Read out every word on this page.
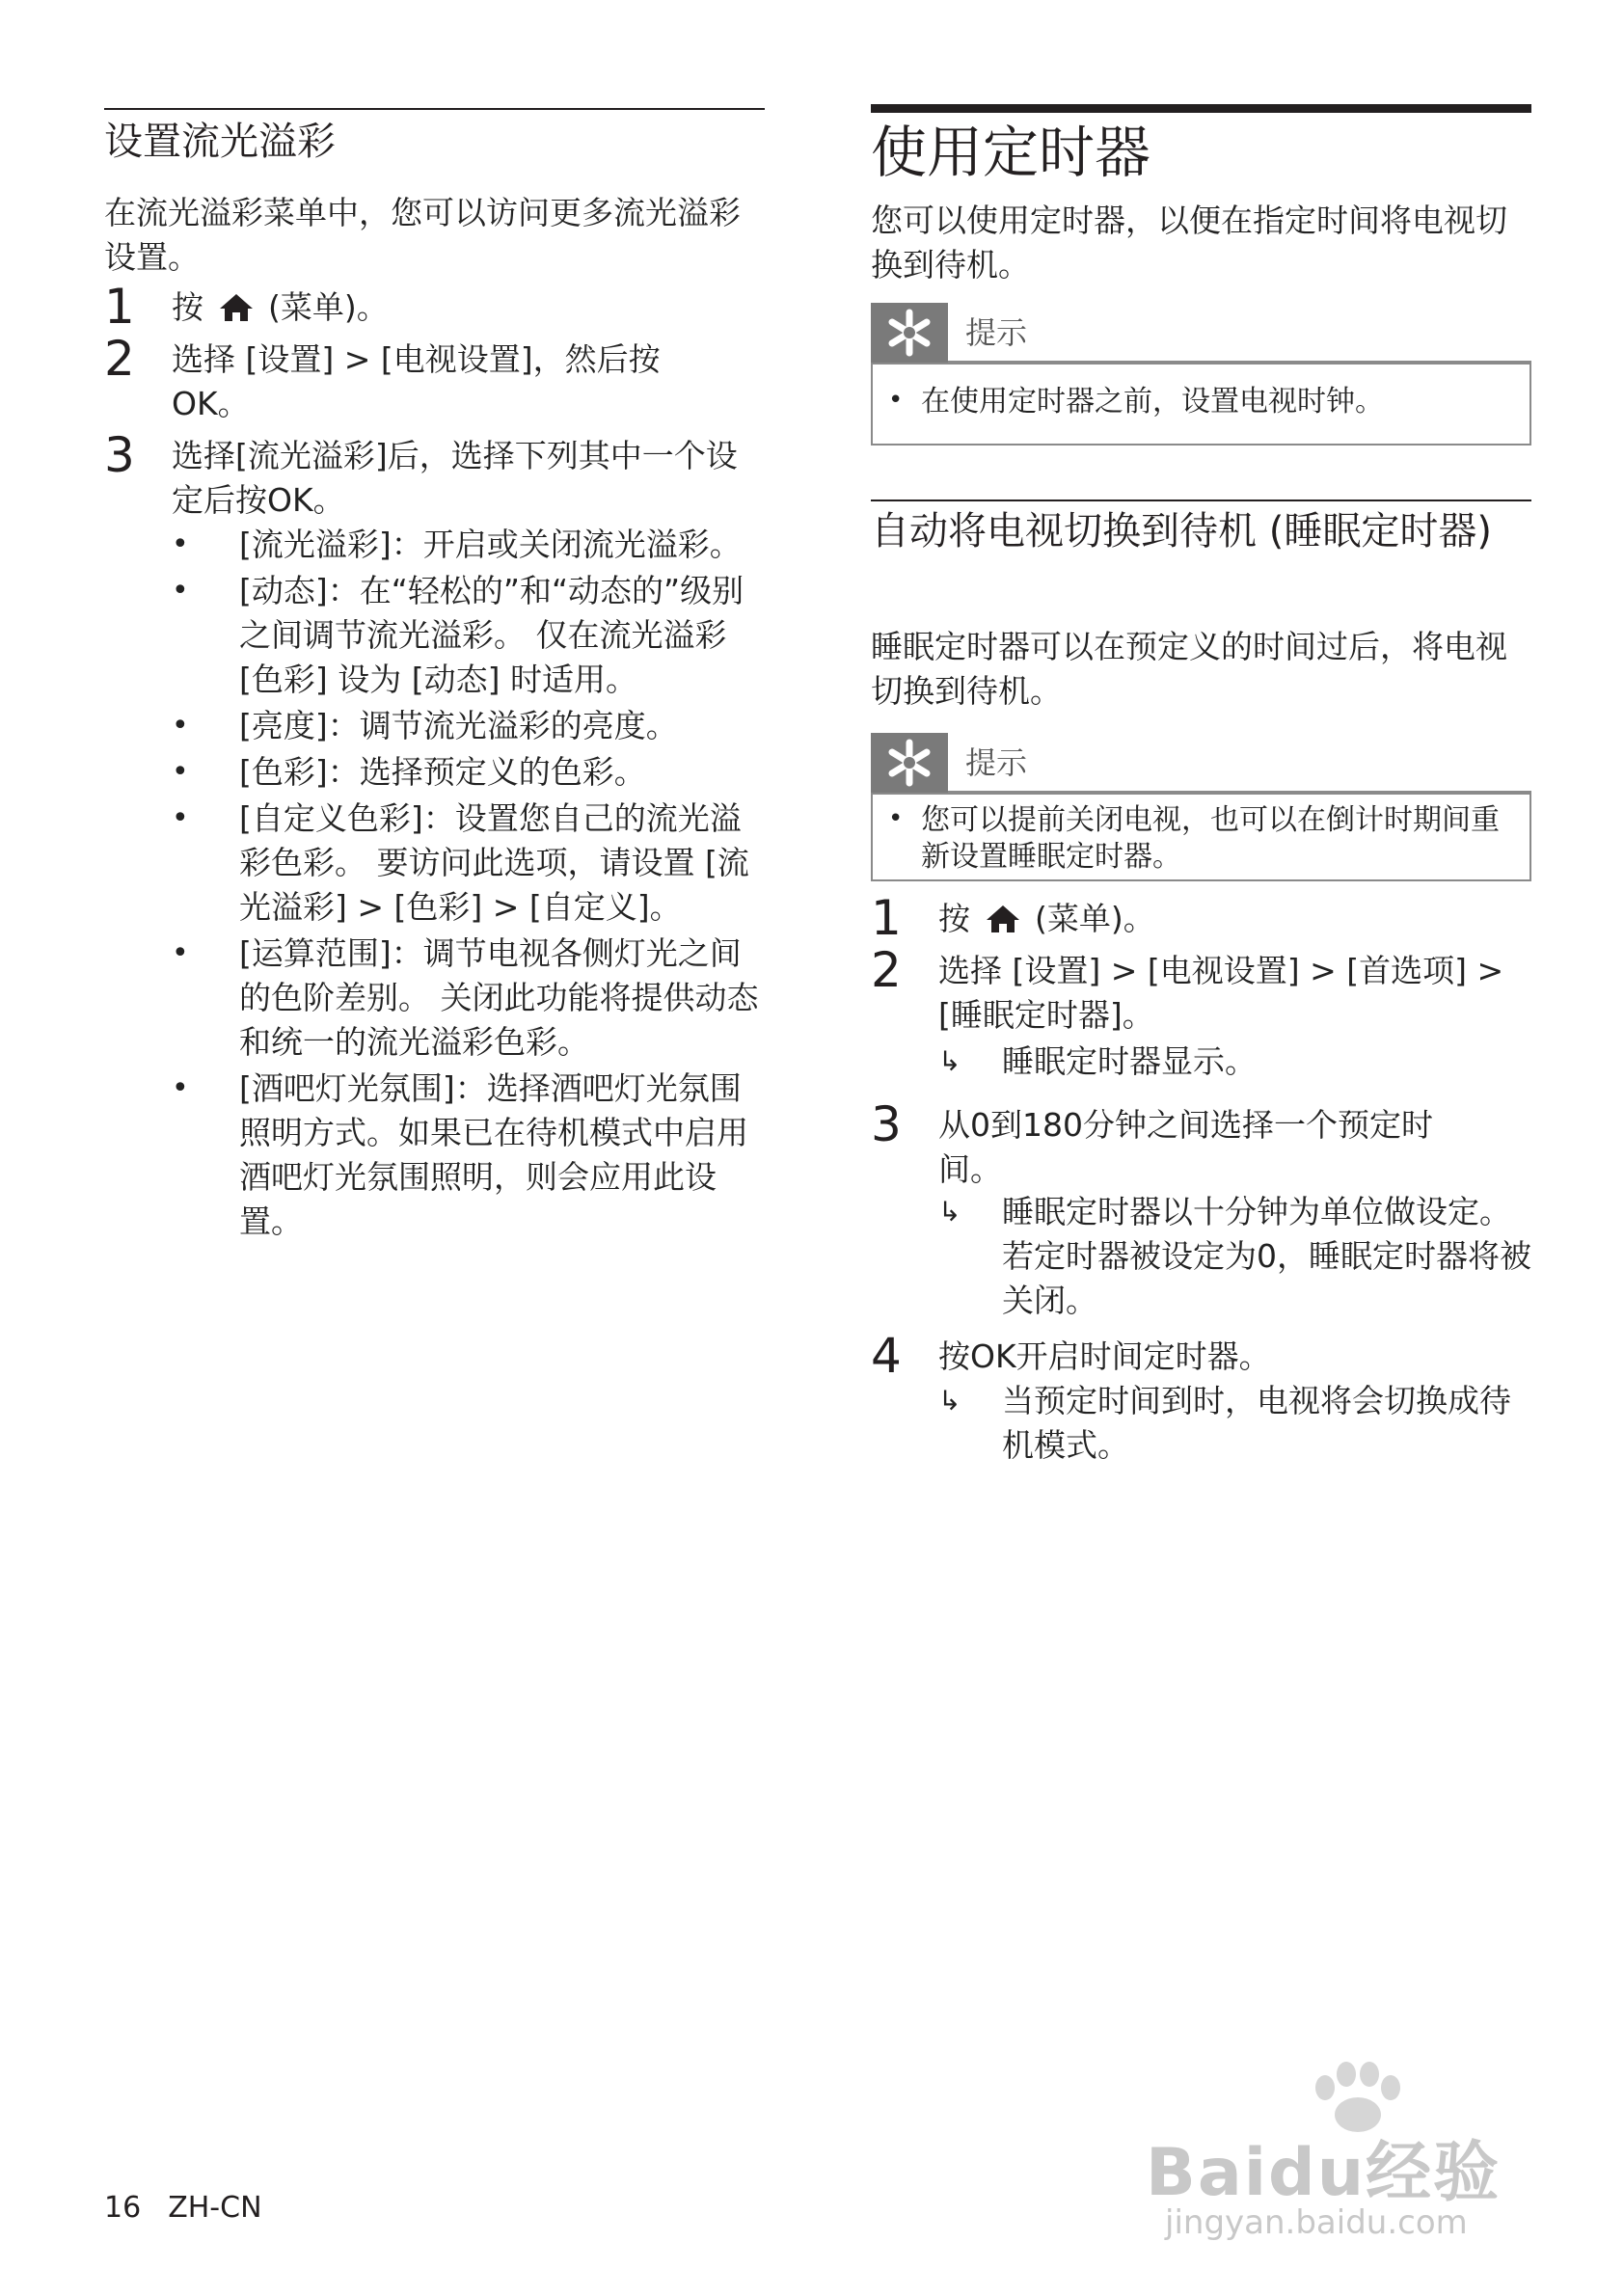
设置流光溢彩

在流光溢彩菜单中，您可以访问更多流光溢彩设置。

1 按 (菜单)。
2 选择 [设置] > [电视设置]，然后按 OK。
3 选择[流光溢彩]后，选择下列其中一个设定后按OK。
• [流光溢彩]：开启或关闭流光溢彩。
• [动态]：在“轻松的”和“动态的”级别之间调节流光溢彩。 仅在流光溢彩 [色彩] 设为 [动态] 时适用。
• [亮度]：调节流光溢彩的亮度。
• [色彩]：选择预定义的色彩。
• [自定义色彩]：设置您自己的流光溢彩色彩。 要访问此选项，请设置 [流光溢彩] > [色彩] > [自定义]。
• [运算范围]：调节电视各侧灯光之间的色阶差别。 关闭此功能将提供动态和统一的流光溢彩色彩。
• [酒吧灯光氛围]：选择酒吧灯光氛围照明方式。如果已在待机模式中启用酒吧灯光氛围照明，则会应用此设置。
使用定时器

您可以使用定时器，以便在指定时间将电视切换到待机。

提示
• 在使用定时器之前，设置电视时钟。
自动将电视切换到待机 (睡眠定时器)

睡眠定时器可以在预定义的时间过后，将电视切换到待机。

提示
• 您可以提前关闭电视，也可以在倒计时期间重新设置睡眠定时器。
1 按 (菜单)。
2 选择 [设置] > [电视设置] > [首选项] > [睡眠定时器]。
↳ 睡眠定时器显示。
3 从0到180分钟之间选择一个预定时间。
↳ 睡眠定时器以十分钟为单位做设定。若定时器被设定为0，睡眠定时器将被关闭。
4 按OK开启时间定时器。
↳ 当预定时间到时，电视将会切换成待机模式。
16 ZH-CN	Baidu经验
jingyan.baidu.com
